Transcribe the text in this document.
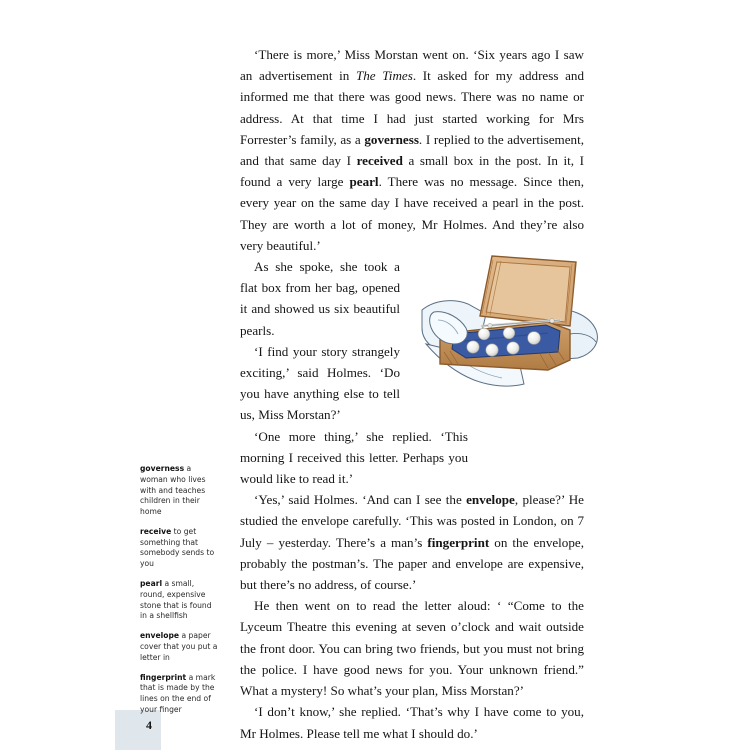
4
governess a woman who lives with and teaches children in their home
receive to get something that somebody sends to you
pearl a small, round, expensive stone that is found in a shellfish
envelope a paper cover that you put a letter in
fingerprint a mark that is made by the lines on the end of your finger

‘There is more,’ Miss Morstan went on. ‘Six years ago I saw an advertisement in The Times. It asked for my address and informed me that there was good news. There was no name or address. At that time I had just started working for Mrs Forrester’s family, as a governess. I replied to the advertisement, and that same day I received a small box in the post. In it, I found a very large pearl. There was no message. Since then, every year on the same day I have received a pearl in the post. They are worth a lot of money, Mr Holmes. And they’re also very beautiful.’

As she spoke, she took a flat box from her bag, opened it and showed us six beautiful pearls.

‘I find your story strangely exciting,’ said Holmes. ‘Do you have anything else to tell us, Miss Morstan?’

‘One more thing,’ she replied. ‘This morning I received this letter. Perhaps you would like to read it.’

‘Yes,’ said Holmes. ‘And can I see the envelope, please?’ He studied the envelope carefully. ‘This was posted in London, on 7 July – yesterday. There’s a man’s fingerprint on the envelope, probably the postman’s. The paper and envelope are expensive, but there’s no address, of course.’

He then went on to read the letter aloud: ‘ “Come to the Lyceum Theatre this evening at seven o’clock and wait outside the front door. You can bring two friends, but you must not bring the police. I have good news for you. Your unknown friend.” What a mystery! So what’s your plan, Miss Morstan?’

‘I don’t know,’ she replied. ‘That’s why I have come to you, Mr Holmes. Please tell me what I should do.’
